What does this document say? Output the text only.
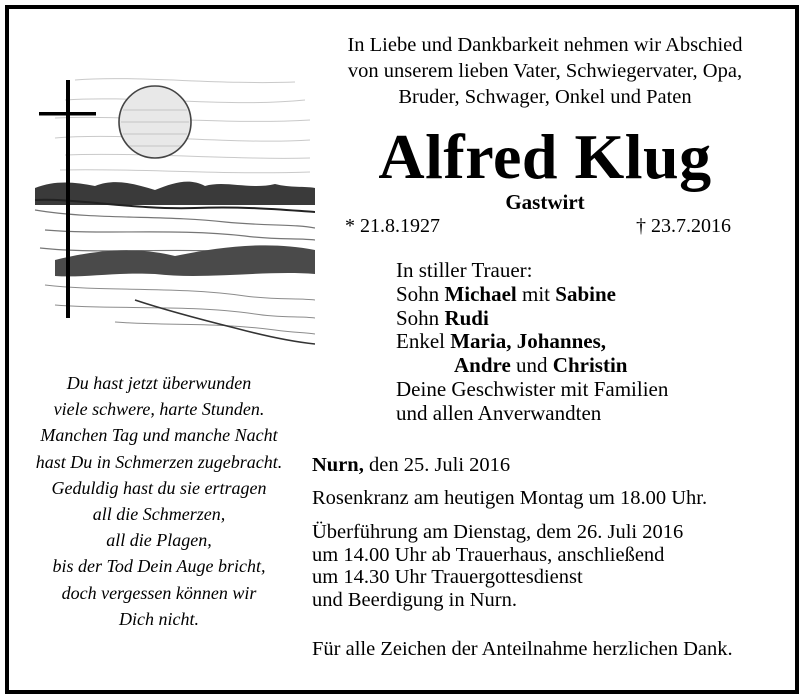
In Liebe und Dankbarkeit nehmen wir Abschied
von unserem lieben Vater, Schwiegervater, Opa,
Bruder, Schwager, Onkel und Paten
Alfred Klug
Gastwirt
* 21.8.1927	† 23.7.2016
In stiller Trauer:
Sohn Michael mit Sabine
Sohn Rudi
Enkel Maria, Johannes,
Andre und Christin
Deine Geschwister mit Familien
und allen Anverwandten
Du hast jetzt überwunden
viele schwere, harte Stunden.
Manchen Tag und manche Nacht
hast Du in Schmerzen zugebracht.
Geduldig hast du sie ertragen
all die Schmerzen,
all die Plagen,
bis der Tod Dein Auge bricht,
doch vergessen können wir
Dich nicht.
Nurn, den 25. Juli 2016
Rosenkranz am heutigen Montag um 18.00 Uhr.
Überführung am Dienstag, dem 26. Juli 2016
um 14.00 Uhr ab Trauerhaus, anschließend
um 14.30 Uhr Trauergottesdienst
und Beerdigung in Nurn.
Für alle Zeichen der Anteilnahme herzlichen Dank.
